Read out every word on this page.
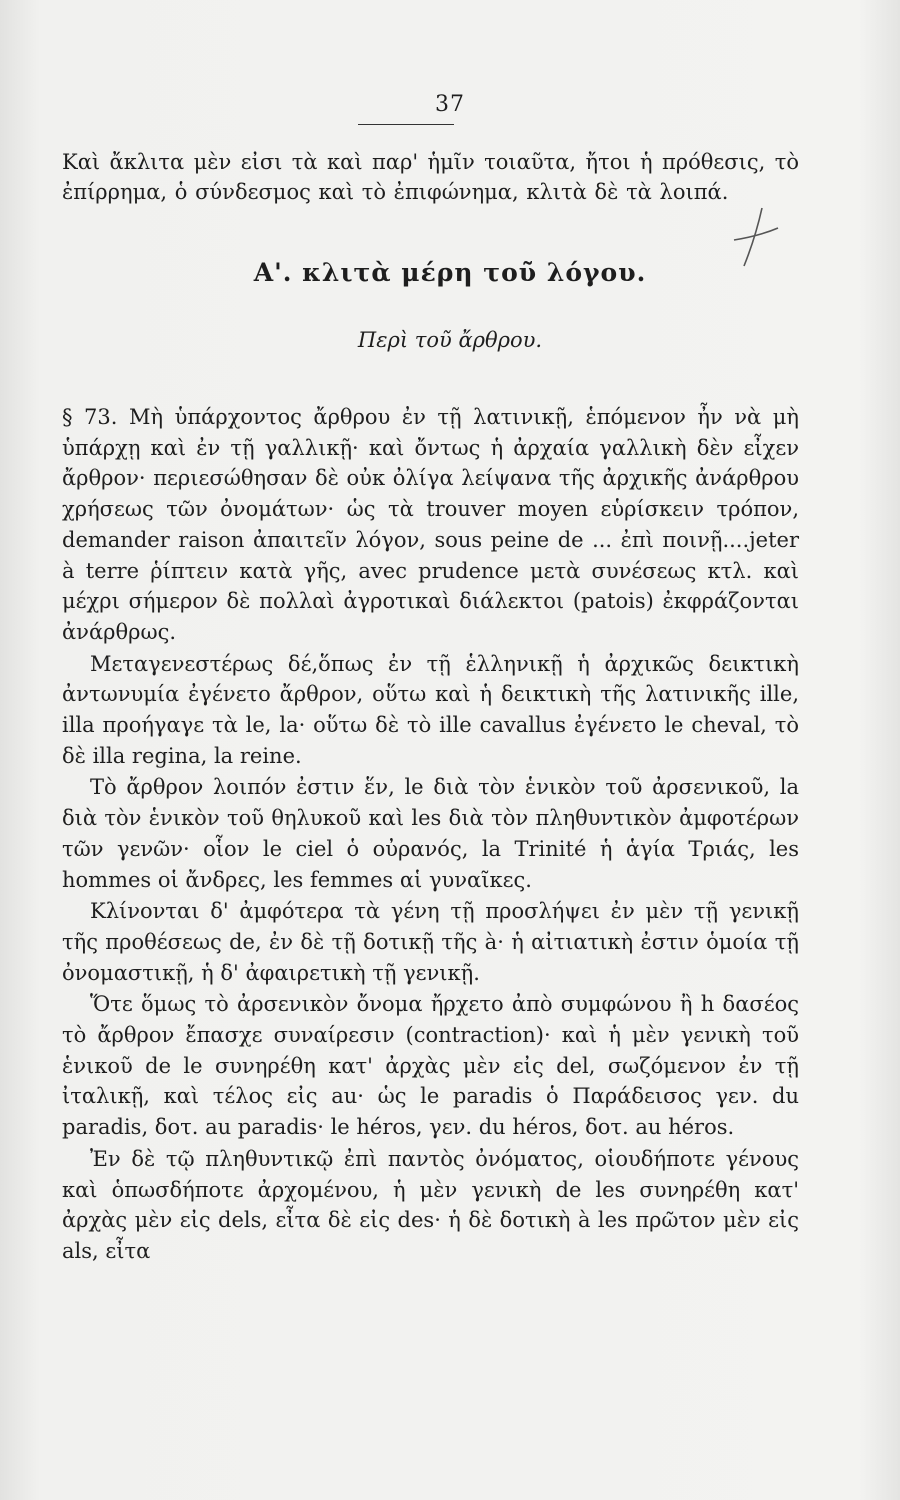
37
Καὶ ἄκλιτα μὲν εἰσι τὰ καὶ παρ' ἡμῖν τοιαῦτα, ἤτοι ἡ πρόθεσις, τὸ ἐπίρρημα, ὁ σύνδεσμος καὶ τὸ ἐπιφώνημα, κλιτὰ δὲ τὰ λοιπά.
Α'. κλιτὰ μέρη τοῦ λόγου.
Περὶ τοῦ ἄρθρου.

§ 73. Μὴ ὑπάρχοντος ἄρθρου ἐν τῇ λατινικῇ, ἑπόμενον ἦν νὰ μὴ ὑπάρχῃ καὶ ἐν τῇ γαλλικῇ· καὶ ὄντως ἡ ἀρχαία γαλλικὴ δὲν εἶχεν ἄρθρον· περιεσώθησαν δὲ οὐκ ὀλίγα λείψανα τῆς ἀρχικῆς ἀνάρθρου χρήσεως τῶν ὀνομάτων· ὡς τὰ trouver moyen εὑρίσκειν τρόπον, demander raison ἀπαιτεῖν λόγον, sous peine de ... ἐπὶ ποινῇ....jeter à terre ῥίπτειν κατὰ γῆς, avec prudence μετὰ συνέσεως κτλ. καὶ μέχρι σήμερον δὲ πολλαὶ ἀγροτικαὶ διάλεκτοι (patois) ἐκφράζονται ἀνάρθρως.

Μεταγενεστέρως δέ,ὅπως ἐν τῇ ἑλληνικῇ ἡ ἀρχικῶς δεικτικὴ ἀντωνυμία ἐγένετο ἄρθρον, οὕτω καὶ ἡ δεικτικὴ τῆς λατινικῆς ille, illa προήγαγε τὰ le, la· οὕτω δὲ τὸ ille cavallus ἐγένετο le cheval, τὸ δὲ illa regina, la reine.

Τὸ ἄρθρον λοιπόν ἐστιν ἕν, le διὰ τὸν ἑνικὸν τοῦ ἀρσενικοῦ, la διὰ τὸν ἑνικὸν τοῦ θηλυκοῦ καὶ les διὰ τὸν πληθυντικὸν ἀμφοτέρων τῶν γενῶν· οἷον le ciel ὁ οὐρανός, la Trinité ἡ ἁγία Τριάς, les hommes οἱ ἄνδρες, les femmes αἱ γυναῖκες.

Κλίνονται δ' ἀμφότερα τὰ γένη τῇ προσλήψει ἐν μὲν τῇ γενικῇ τῆς προθέσεως de, ἐν δὲ τῇ δοτικῇ τῆς à· ἡ αἰτιατικὴ ἐστιν ὁμοία τῇ ὀνομαστικῇ, ἡ δ' ἀφαιρετικὴ τῇ γενικῇ.

Ὅτε ὅμως τὸ ἀρσενικὸν ὄνομα ἤρχετο ἀπὸ συμφώνου ἢ h δασέος τὸ ἄρθρον ἔπασχε συναίρεσιν (contraction)· καὶ ἡ μὲν γενικὴ τοῦ ἑνικοῦ de le συνηρέθη κατ' ἀρχὰς μὲν εἰς del, σωζόμενον ἐν τῇ ἰταλικῇ, καὶ τέλος εἰς au· ὡς le paradis ὁ Παράδεισος γεν. du paradis, δοτ. au paradis· le héros, γεν. du héros, δοτ. au héros.

Ἐν δὲ τῷ πληθυντικῷ ἐπὶ παντὸς ὀνόματος, οἱουδήποτε γένους καὶ ὁπωσδήποτε ἀρχομένου, ἡ μὲν γενικὴ de les συνηρέθη κατ' ἀρχὰς μὲν εἰς dels, εἶτα δὲ εἰς des· ἡ δὲ δοτικὴ à les πρῶτον μὲν εἰς als, εἶτα
